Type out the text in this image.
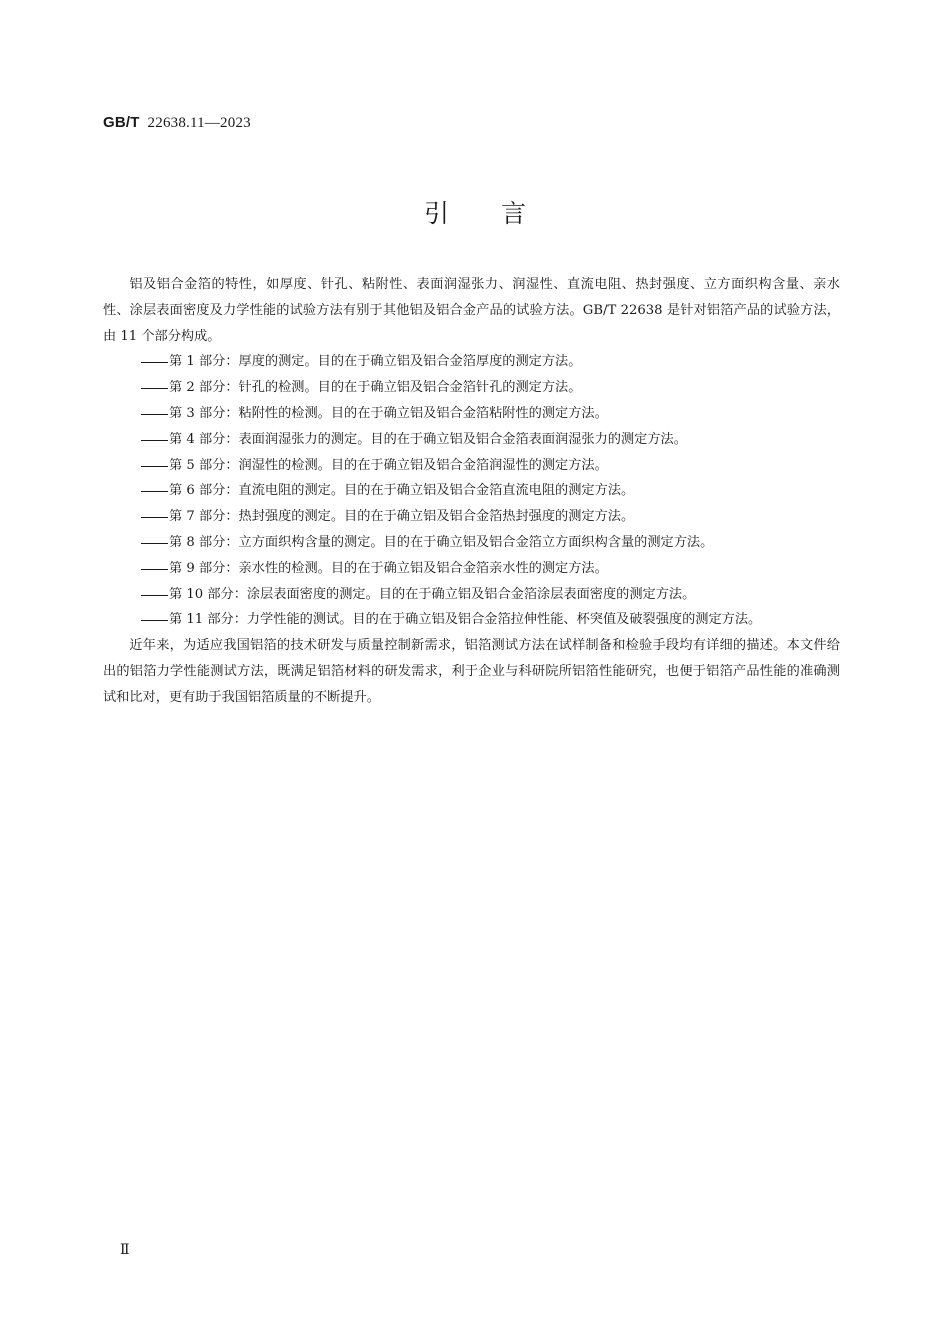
GB/T 22638.11—2023
引言

铝及铝合金箔的特性，如厚度、针孔、粘附性、表面润湿张力、润湿性、直流电阻、热封强度、立方面织构含量、亲水性、涂层表面密度及力学性能的试验方法有别于其他铝及铝合金产品的试验方法。GB/T 22638 是针对铝箔产品的试验方法，由 11 个部分构成。

第 1 部分：厚度的测定。目的在于确立铝及铝合金箔厚度的测定方法。
第 2 部分：针孔的检测。目的在于确立铝及铝合金箔针孔的测定方法。
第 3 部分：粘附性的检测。目的在于确立铝及铝合金箔粘附性的测定方法。
第 4 部分：表面润湿张力的测定。目的在于确立铝及铝合金箔表面润湿张力的测定方法。
第 5 部分：润湿性的检测。目的在于确立铝及铝合金箔润湿性的测定方法。
第 6 部分：直流电阻的测定。目的在于确立铝及铝合金箔直流电阻的测定方法。
第 7 部分：热封强度的测定。目的在于确立铝及铝合金箔热封强度的测定方法。
第 8 部分：立方面织构含量的测定。目的在于确立铝及铝合金箔立方面织构含量的测定方法。
第 9 部分：亲水性的检测。目的在于确立铝及铝合金箔亲水性的测定方法。
第 10 部分：涂层表面密度的测定。目的在于确立铝及铝合金箔涂层表面密度的测定方法。
第 11 部分：力学性能的测试。目的在于确立铝及铝合金箔拉伸性能、杯突值及破裂强度的测定方法。

近年来，为适应我国铝箔的技术研发与质量控制新需求，铝箔测试方法在试样制备和检验手段均有详细的描述。本文件给出的铝箔力学性能测试方法，既满足铝箔材料的研发需求，利于企业与科研院所铝箔性能研究，也便于铝箔产品性能的准确测试和比对，更有助于我国铝箔质量的不断提升。

Ⅱ
